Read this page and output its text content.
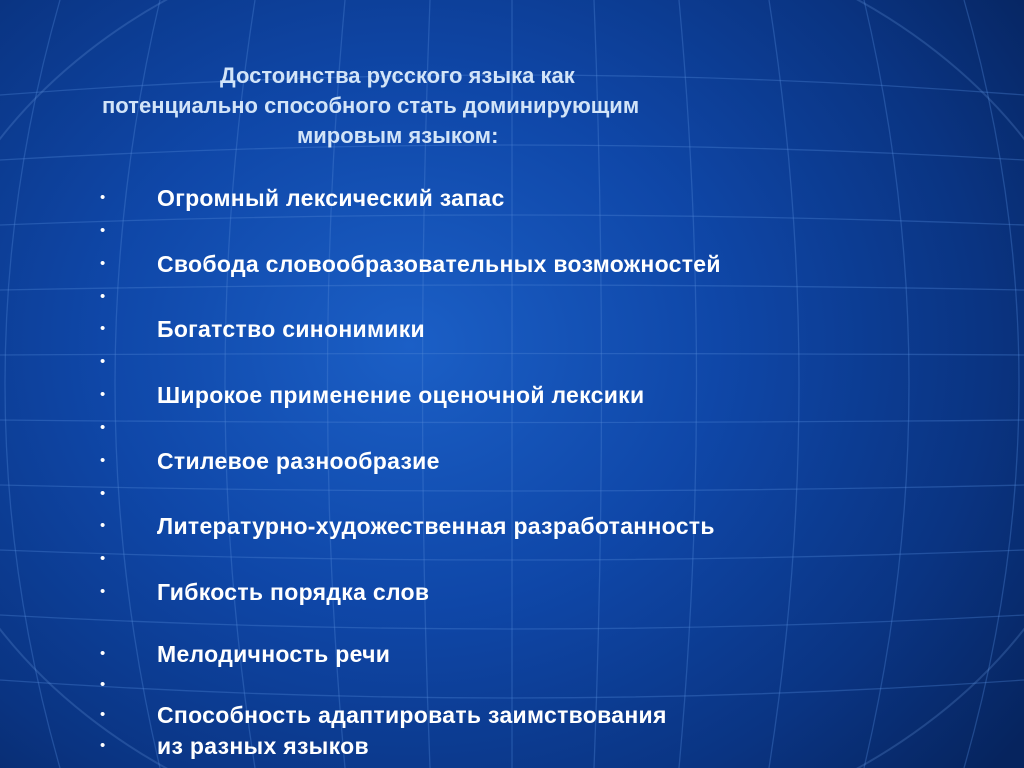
Достоинства русского языка как
потенциально способного стать доминирующим
мировым языком:
•	Огромный лексический запас
•
•	Свобода словообразовательных возможностей
•
•	Богатство синонимики
•
•	Широкое применение оценочной лексики
•
•	Стилевое разнообразие
•
•	Литературно-художественная разработанность
•
•	Гибкость порядка слов
•	Мелодичность речи
•
•	Способность адаптировать заимствования
•	из разных языков
